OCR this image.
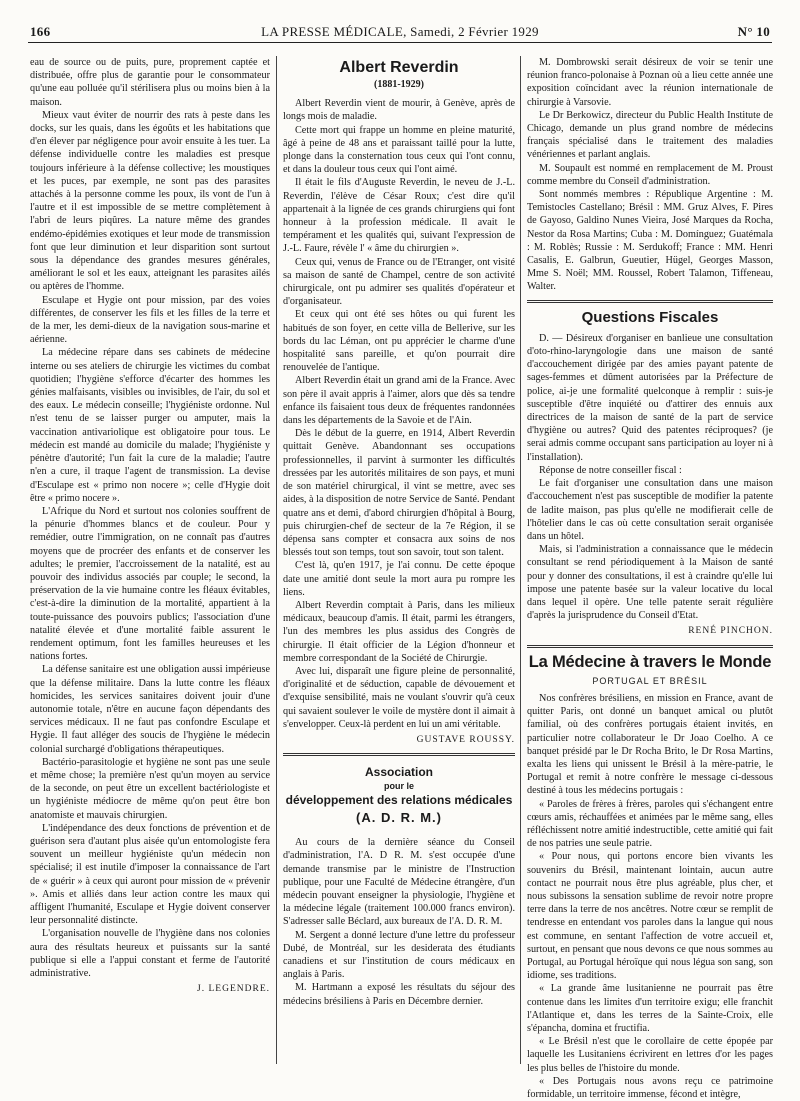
166	LA PRESSE MÉDICALE, Samedi, 2 Février 1929	N° 10

eau de source ou de puits, pure, proprement captée et distribuée, offre plus de garantie pour le consommateur qu'une eau polluée qu'il stérilisera plus ou moins bien à la maison.

Mieux vaut éviter de nourrir des rats à peste dans les docks, sur les quais, dans les égoûts et les habitations que d'en élever par négligence pour avoir ensuite à les tuer. La défense individuelle contre les maladies est presque toujours inférieure à la défense collective; les moustiques et les puces, par exemple, ne sont pas des parasites attachés à la personne comme les poux, ils vont de l'un à l'autre et il est impossible de se mettre complètement à l'abri de leurs piqûres. La nature même des grandes endémo-épidémies exotiques et leur mode de transmission font que leur diminution et leur disparition sont surtout sous la dépendance des grandes mesures générales, améliorant le sol et les eaux, atteignant les parasites ailés ou aptères de l'homme.

Esculape et Hygie ont pour mission, par des voies différentes, de conserver les fils et les filles de la terre et de la mer, les demi-dieux de la navigation sous-marine et aérienne.

La médecine répare dans ses cabinets de médecine interne ou ses ateliers de chirurgie les victimes du combat quotidien; l'hygiène s'efforce d'écarter des hommes les génies malfaisants, visibles ou invisibles, de l'air, du sol et des eaux. Le médecin conseille; l'hygiéniste ordonne. Nul n'est tenu de se laisser purger ou amputer, mais la vaccination antivariolique est obligatoire pour tous. Le médecin est mandé au domicile du malade; l'hygiéniste y pénètre d'autorité; l'un fait la cure de la maladie; l'autre n'en a cure, il traque l'agent de transmission. La devise d'Esculape est « primo non nocere »; celle d'Hygie doit être « primo nocere ».

L'Afrique du Nord et surtout nos colonies souffrent de la pénurie d'hommes blancs et de couleur. Pour y remédier, outre l'immigration, on ne connaît pas d'autres moyens que de procréer des enfants et de conserver les adultes; le premier, l'accroissement de la natalité, est au pouvoir des individus associés par couple; le second, la préservation de la vie humaine contre les fléaux évitables, c'est-à-dire la diminution de la mortalité, appartient à la toute-puissance des pouvoirs publics; l'association d'une natalité élevée et d'une mortalité faible assurent le rendement optimum, font les familles heureuses et les nations fortes.

La défense sanitaire est une obligation aussi impérieuse que la défense militaire. Dans la lutte contre les fléaux homicides, les services sanitaires doivent jouir d'une autonomie totale, n'être en aucune façon dépendants des services médicaux. Il ne faut pas confondre Esculape et Hygie. Il faut alléger des soucis de l'hygiène le médecin colonial surchargé d'obligations thérapeutiques.

Bactério-parasitologie et hygiène ne sont pas une seule et même chose; la première n'est qu'un moyen au service de la seconde, on peut être un excellent bactériologiste et un hygiéniste médiocre de même qu'on peut être bon anatomiste et mauvais chirurgien.

L'indépendance des deux fonctions de prévention et de guérison sera d'autant plus aisée qu'un entomologiste fera souvent un meilleur hygiéniste qu'un médecin non spécialisé; il est inutile d'imposer la connaissance de l'art de « guérir » à ceux qui auront pour mission de « prévenir ». Amis et alliés dans leur action contre les maux qui affligent l'humanité, Esculape et Hygie doivent conserver leur personnalité distincte.

L'organisation nouvelle de l'hygiène dans nos colonies aura des résultats heureux et puissants sur la santé publique si elle a l'appui constant et ferme de l'autorité administrative.

J. LEGENDRE.

Albert Reverdin
(1881-1929)

Albert Reverdin vient de mourir, à Genève, après de longs mois de maladie.

Cette mort qui frappe un homme en pleine maturité, âgé à peine de 48 ans et paraissant taillé pour la lutte, plonge dans la consternation tous ceux qui l'ont connu, et dans la douleur tous ceux qui l'ont aimé.

Il était le fils d'Auguste Reverdin, le neveu de J.-L. Reverdin, l'élève de César Roux; c'est dire qu'il appartenait à la lignée de ces grands chirurgiens qui font honneur à la profession médicale. Il avait le tempérament et les qualités qui, suivant l'expression de J.-L. Faure, révèle l' « âme du chirurgien ».

Ceux qui, venus de France ou de l'Etranger, ont visité sa maison de santé de Champel, centre de son activité chirurgicale, ont pu admirer ses qualités d'opérateur et d'organisateur.

Et ceux qui ont été ses hôtes ou qui furent les habitués de son foyer, en cette villa de Bellerive, sur les bords du lac Léman, ont pu apprécier le charme d'une hospitalité sans pareille, et qu'on pourrait dire renouvelée de l'antique.

Albert Reverdin était un grand ami de la France. Avec son père il avait appris à l'aimer, alors que dès sa tendre enfance ils faisaient tous deux de fréquentes randonnées dans les départements de la Savoie et de l'Ain.

Dès le début de la guerre, en 1914, Albert Reverdin quittait Genève. Abandonnant ses occupations professionnelles, il parvint à surmonter les difficultés dressées par les autorités militaires de son pays, et muni de son matériel chirurgical, il vint se mettre, avec ses aides, à la disposition de notre Service de Santé. Pendant quatre ans et demi, d'abord chirurgien d'hôpital à Bourg, puis chirurgien-chef de secteur de la 7e Région, il se dépensa sans compter et consacra aux soins de nos blessés tout son temps, tout son savoir, tout son talent.

C'est là, qu'en 1917, je l'ai connu. De cette époque date une amitié dont seule la mort aura pu rompre les liens.

Albert Reverdin comptait à Paris, dans les milieux médicaux, beaucoup d'amis. Il était, parmi les étrangers, l'un des membres les plus assidus des Congrès de chirurgie. Il était officier de la Légion d'honneur et membre correspondant de la Société de Chirurgie.

Avec lui, disparaît une figure pleine de personnalité, d'originalité et de séduction, capable de dévouement et d'exquise sensibilité, mais ne voulant s'ouvrir qu'à ceux qui savaient soulever le voile de mystère dont il aimait à s'envelopper. Ceux-là perdent en lui un ami véritable.

GUSTAVE ROUSSY.

Association
pour le
développement des relations médicales
(A. D. R. M.)

Au cours de la dernière séance du Conseil d'administration, l'A. D R. M. s'est occupée d'une demande transmise par le ministre de l'Instruction publique, pour une Faculté de Médecine étrangère, d'un médecin pouvant enseigner la physiologie, l'hygiène et la médecine légale (traitement 100.000 francs environ). S'adresser salle Béclard, aux bureaux de l'A. D. R. M.

M. Sergent a donné lecture d'une lettre du professeur Dubé, de Montréal, sur les desiderata des étudiants canadiens et sur l'institution de cours médicaux en anglais à Paris.

M. Hartmann a exposé les résultats du séjour des médecins brésiliens à Paris en Décembre dernier.

M. Dombrowski serait désireux de voir se tenir une réunion franco-polonaise à Poznan où a lieu cette année une exposition coïncidant avec la réunion internationale de chirurgie à Varsovie.

Le Dr Berkowicz, directeur du Public Health Institute de Chicago, demande un plus grand nombre de médecins français spécialisé dans le traitement des maladies vénériennes et parlant anglais.

M. Soupault est nommé en remplacement de M. Proust comme membre du Conseil d'administration.

Sont nommés membres : République Argentine : M. Temistocles Castellano; Brésil : MM. Gruz Alves, F. Pires de Gayoso, Galdino Nunes Vieira, José Marques da Rocha, Nestor da Rosa Martins; Cuba : M. Domínguez; Guatémala : M. Roblès; Russie : M. Serdukoff; France : MM. Henri Casalis, E. Galbrun, Gueutier, Hügel, Georges Masson, Mme S. Noël; MM. Roussel, Robert Talamon, Tiffeneau, Walter.

Questions Fiscales

D. — Désireux d'organiser en banlieue une consultation d'oto-rhino-laryngologie dans une maison de santé d'accouchement dirigée par des amies payant patente de sages-femmes et dûment autorisées par la Préfecture de police, ai-je une formalité quelconque à remplir : suis-je susceptible d'être inquiété ou d'attirer des ennuis aux directrices de la maison de santé de la part de service d'hygiène ou autres? Quid des patentes réciproques? (je serai admis comme occupant sans participation au loyer ni à l'installation).

Réponse de notre conseiller fiscal :

Le fait d'organiser une consultation dans une maison d'accouchement n'est pas susceptible de modifier la patente de ladite maison, pas plus qu'elle ne modifierait celle de l'hôtelier dans le cas où cette consultation serait organisée dans un hôtel.

Mais, si l'administration a connaissance que le médecin consultant se rend périodiquement à la Maison de santé pour y donner des consultations, il est à craindre qu'elle lui impose une patente basée sur la valeur locative du local dans lequel il opère. Une telle patente serait régulière d'après la jurisprudence du Conseil d'Etat.

RENÉ PINCHON.

La Médecine à travers le Monde
PORTUGAL ET BRÉSIL

Nos confrères brésiliens, en mission en France, avant de quitter Paris, ont donné un banquet amical ou plutôt familial, où des confrères portugais étaient invités, en particulier notre collaborateur le Dr Joao Coelho. A ce banquet présidé par le Dr Rocha Brito, le Dr Rosa Martins, exalta les liens qui unissent le Brésil à la mère-patrie, le Portugal et remit à notre confrère le message ci-dessous destiné à tous les médecins portugais :

« Paroles de frères à frères, paroles qui s'échangent entre cœurs amis, réchauffées et animées par le même sang, elles réfléchissent notre amitié indestructible, cette amitié qui fait de nos patries une seule patrie.

« Pour nous, qui portons encore bien vivants les souvenirs du Brésil, maintenant lointain, aucun autre contact ne pourrait nous être plus agréable, plus cher, et nous subissons la sensation sublime de revoir notre propre terre dans la terre de nos ancêtres. Notre cœur se remplit de tendresse en entendant vos paroles dans la langue qui nous est commune, en sentant l'affection de votre accueil et, surtout, en pensant que nous devons ce que nous sommes au Portugal, au Portugal héroïque qui nous légua son sang, son idiome, ses traditions.

« La grande âme lusitanienne ne pourrait pas être contenue dans les limites d'un territoire exigu; elle franchit l'Atlantique et, dans les terres de la Sainte-Croix, elle s'épancha, domina et fructifia.

« Le Brésil n'est que le corollaire de cette épopée par laquelle les Lusitaniens écrivirent en lettres d'or les pages les plus belles de l'histoire du monde.

« Des Portugais nous avons reçu ce patrimoine formidable, un territoire immense, fécond et intègre,
